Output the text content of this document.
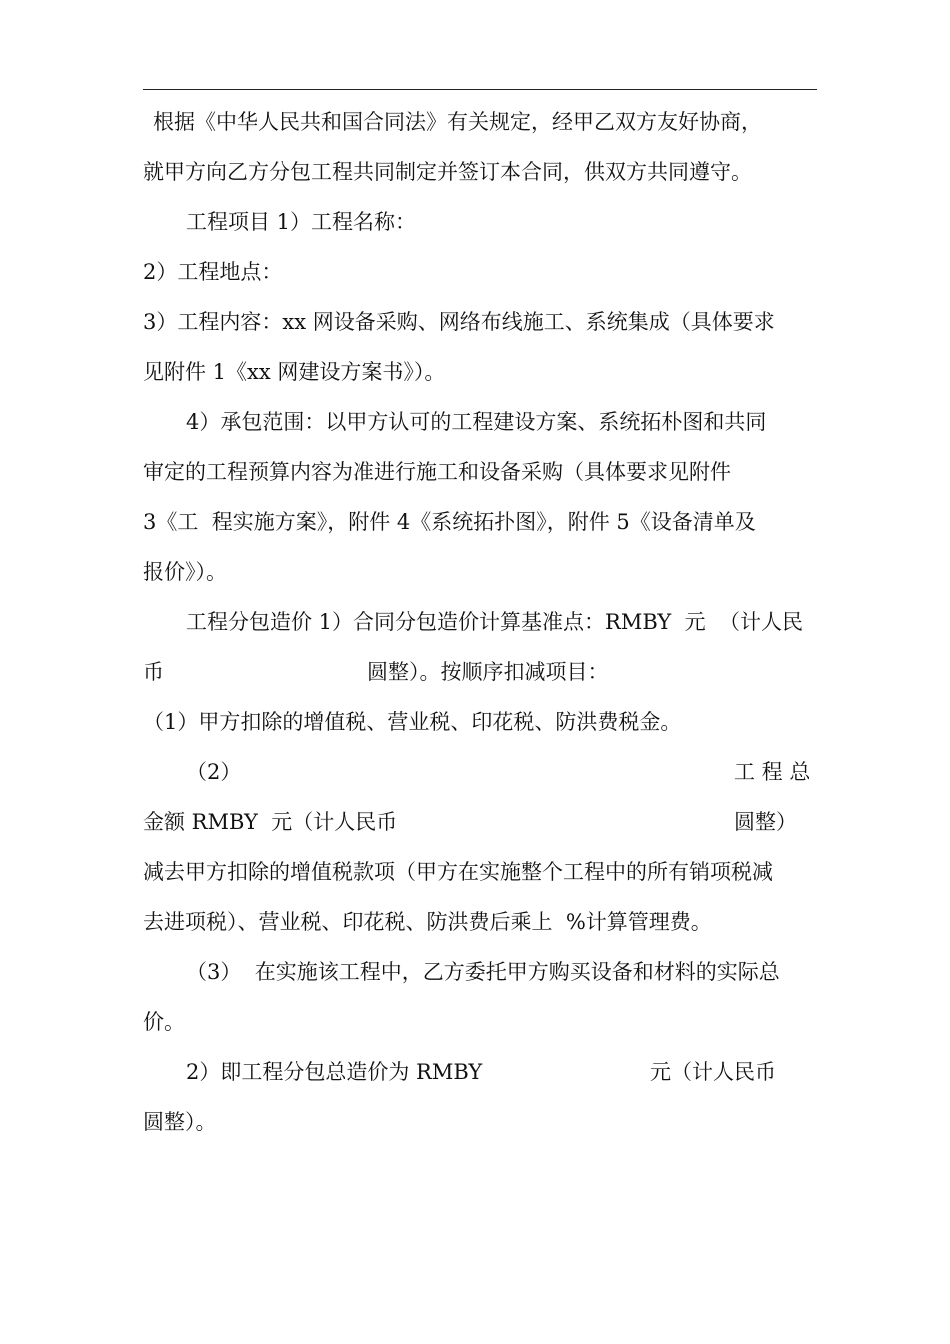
根据《中华人民共和国合同法》有关规定，经甲乙双方友好协商，
就甲方向乙方分包工程共同制定并签订本合同，供双方共同遵守。
工程项目 1）工程名称：
2）工程地点：
3）工程内容：xx 网设备采购、网络布线施工、系统集成（具体要求
见附件 1《xx 网建设方案书》）。
4）承包范围：以甲方认可的工程建设方案、系统拓朴图和共同
审定的工程预算内容为准进行施工和设备采购（具体要求见附件
3《工  程实施方案》，附件 4《系统拓扑图》，附件 5《设备清单及
报价》）。
工程分包造价 1）合同分包造价计算基准点：RMBY  元  （计人民
币	圆整）。按顺序扣减项目：
（1）甲方扣除的增值税、营业税、印花税、防洪费税金。
（2）	工 程 总
金额 RMBY  元（计人民币	圆整）
减去甲方扣除的增值税款项（甲方在实施整个工程中的所有销项税减
去进项税）、营业税、印花税、防洪费后乘上  %计算管理费。
（3）  在实施该工程中，乙方委托甲方购买设备和材料的实际总
价。
2）即工程分包总造价为 RMBY	元（计人民币
圆整）。
